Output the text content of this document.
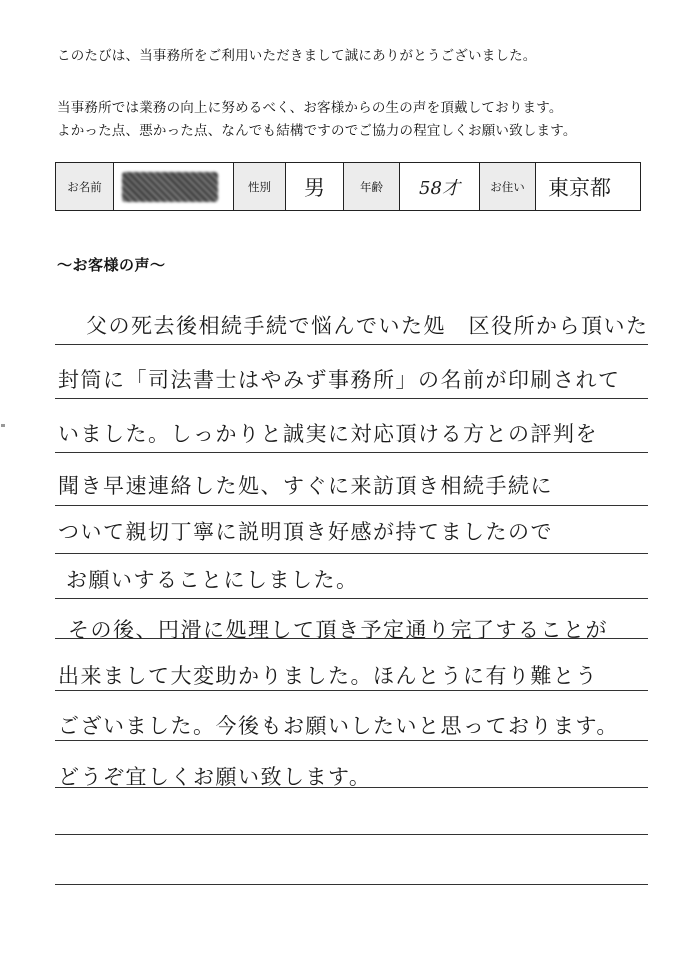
このたびは、当事務所をご利用いただきまして誠にありがとうございました。
当事務所では業務の向上に努めるべく、お客様からの生の声を頂戴しております。
よかった点、悪かった点、なんでも結構ですのでご協力の程宜しくお願い致します。
お名前		性別	男	年齢	58才	お住い	東京都
～お客様の声～
父の死去後相続手続で悩んでいた処　区役所から頂いた
封筒に「司法書士はやみず事務所」の名前が印刷されて
いました。しっかりと誠実に対応頂ける方との評判を
聞き早速連絡した処、すぐに来訪頂き相続手続に
ついて親切丁寧に説明頂き好感が持てましたので
お願いすることにしました。
その後、円滑に処理して頂き予定通り完了することが
出来まして大変助かりました。ほんとうに有り難とう
ございました。今後もお願いしたいと思っております。
どうぞ宜しくお願い致します。
